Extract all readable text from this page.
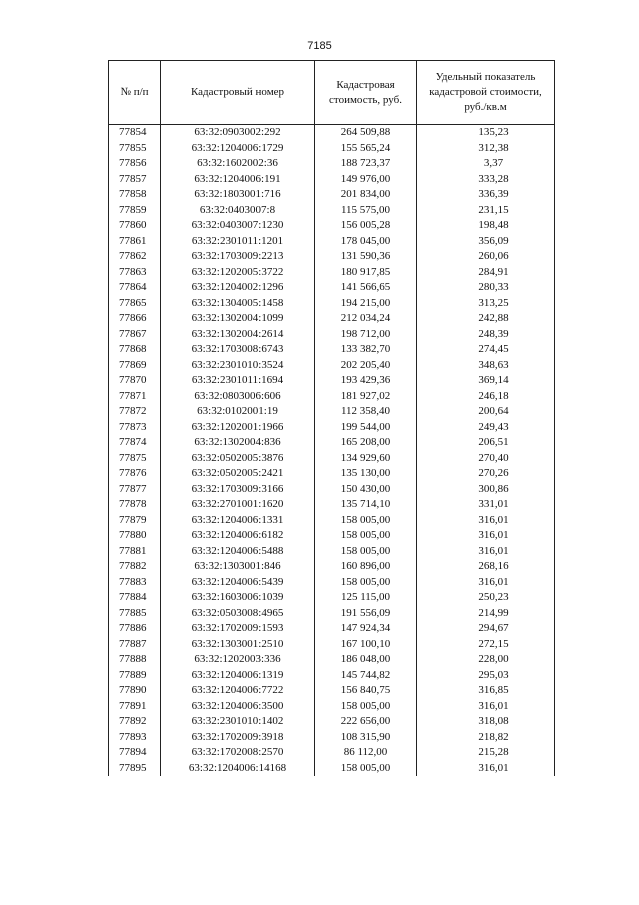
7185
№ п/п	Кадастровый номер	Кадастровая стоимость, руб.	Удельный показатель кадастровой стоимости, руб./кв.м
77854	63:32:0903002:292	264 509,88	135,23
77855	63:32:1204006:1729	155 565,24	312,38
77856	63:32:1602002:36	188 723,37	3,37
77857	63:32:1204006:191	149 976,00	333,28
77858	63:32:1803001:716	201 834,00	336,39
77859	63:32:0403007:8	115 575,00	231,15
77860	63:32:0403007:1230	156 005,28	198,48
77861	63:32:2301011:1201	178 045,00	356,09
77862	63:32:1703009:2213	131 590,36	260,06
77863	63:32:1202005:3722	180 917,85	284,91
77864	63:32:1204002:1296	141 566,65	280,33
77865	63:32:1304005:1458	194 215,00	313,25
77866	63:32:1302004:1099	212 034,24	242,88
77867	63:32:1302004:2614	198 712,00	248,39
77868	63:32:1703008:6743	133 382,70	274,45
77869	63:32:2301010:3524	202 205,40	348,63
77870	63:32:2301011:1694	193 429,36	369,14
77871	63:32:0803006:606	181 927,02	246,18
77872	63:32:0102001:19	112 358,40	200,64
77873	63:32:1202001:1966	199 544,00	249,43
77874	63:32:1302004:836	165 208,00	206,51
77875	63:32:0502005:3876	134 929,60	270,40
77876	63:32:0502005:2421	135 130,00	270,26
77877	63:32:1703009:3166	150 430,00	300,86
77878	63:32:2701001:1620	135 714,10	331,01
77879	63:32:1204006:1331	158 005,00	316,01
77880	63:32:1204006:6182	158 005,00	316,01
77881	63:32:1204006:5488	158 005,00	316,01
77882	63:32:1303001:846	160 896,00	268,16
77883	63:32:1204006:5439	158 005,00	316,01
77884	63:32:1603006:1039	125 115,00	250,23
77885	63:32:0503008:4965	191 556,09	214,99
77886	63:32:1702009:1593	147 924,34	294,67
77887	63:32:1303001:2510	167 100,10	272,15
77888	63:32:1202003:336	186 048,00	228,00
77889	63:32:1204006:1319	145 744,82	295,03
77890	63:32:1204006:7722	156 840,75	316,85
77891	63:32:1204006:3500	158 005,00	316,01
77892	63:32:2301010:1402	222 656,00	318,08
77893	63:32:1702009:3918	108 315,90	218,82
77894	63:32:1702008:2570	86 112,00	215,28
77895	63:32:1204006:14168	158 005,00	316,01
